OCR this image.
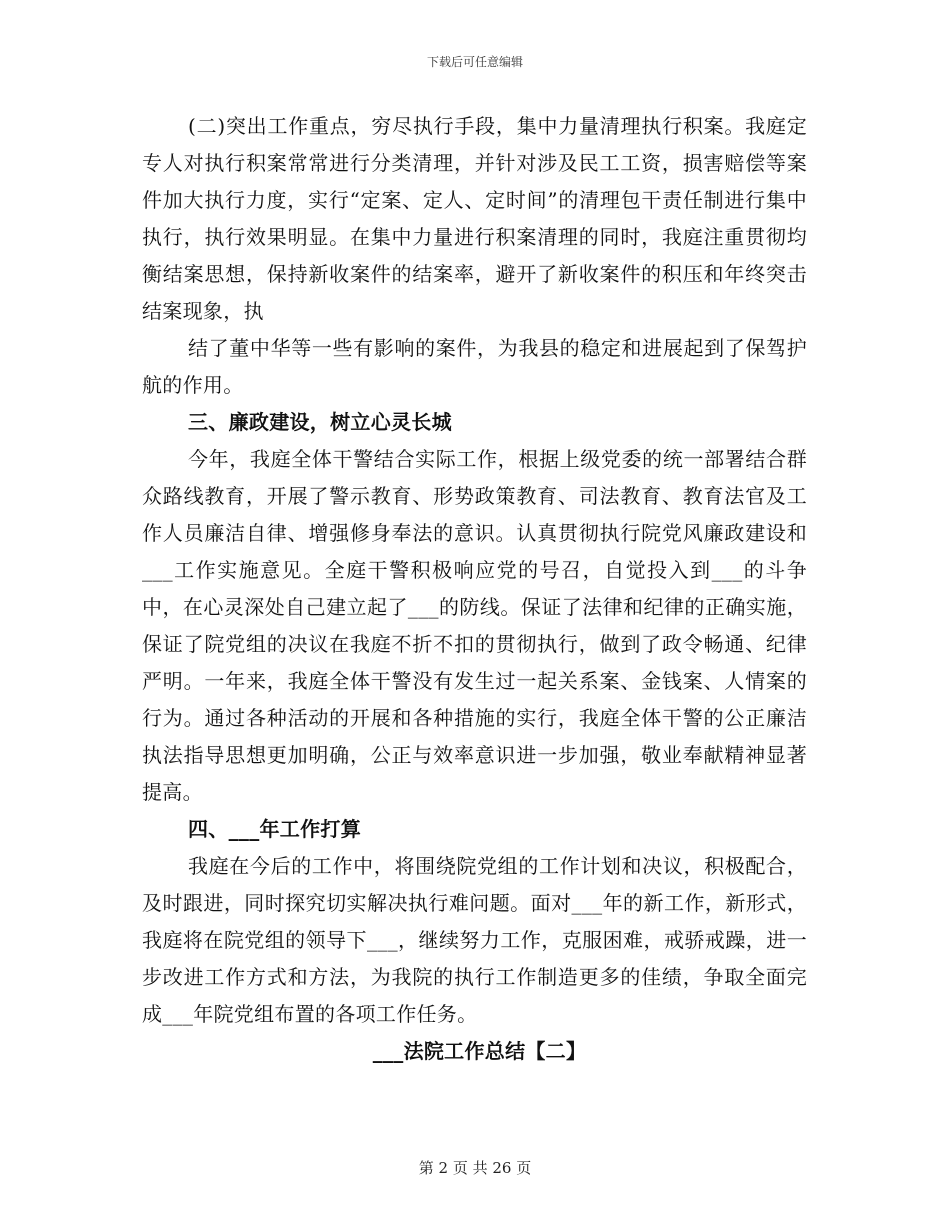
下载后可任意编辑

(二)突出工作重点，穷尽执行手段，集中力量清理执行积案。我庭定专人对执行积案常常进行分类清理，并针对涉及民工工资，损害赔偿等案件加大执行力度，实行“定案、定人、定时间”的清理包干责任制进行集中执行，执行效果明显。在集中力量进行积案清理的同时，我庭注重贯彻均衡结案思想，保持新收案件的结案率，避开了新收案件的积压和年终突击结案现象，执

结了董中华等一些有影响的案件，为我县的稳定和进展起到了保驾护航的作用。

三、廉政建设，树立心灵长城

今年，我庭全体干警结合实际工作，根据上级党委的统一部署结合群众路线教育，开展了警示教育、形势政策教育、司法教育、教育法官及工作人员廉洁自律、增强修身奉法的意识。认真贯彻执行院党风廉政建设和___工作实施意见。全庭干警积极响应党的号召，自觉投入到___的斗争中，在心灵深处自己建立起了___的防线。保证了法律和纪律的正确实施，保证了院党组的决议在我庭不折不扣的贯彻执行，做到了政令畅通、纪律严明。一年来，我庭全体干警没有发生过一起关系案、金钱案、人情案的行为。通过各种活动的开展和各种措施的实行，我庭全体干警的公正廉洁执法指导思想更加明确，公正与效率意识进一步加强，敬业奉献精神显著提高。

四、___年工作打算

我庭在今后的工作中，将围绕院党组的工作计划和决议，积极配合，及时跟进，同时探究切实解决执行难问题。面对___年的新工作，新形式，我庭将在院党组的领导下___，继续努力工作，克服困难，戒骄戒躁，进一步改进工作方式和方法，为我院的执行工作制造更多的佳绩，争取全面完成___年院党组布置的各项工作任务。

___法院工作总结【二】

第 2 页 共 26 页
